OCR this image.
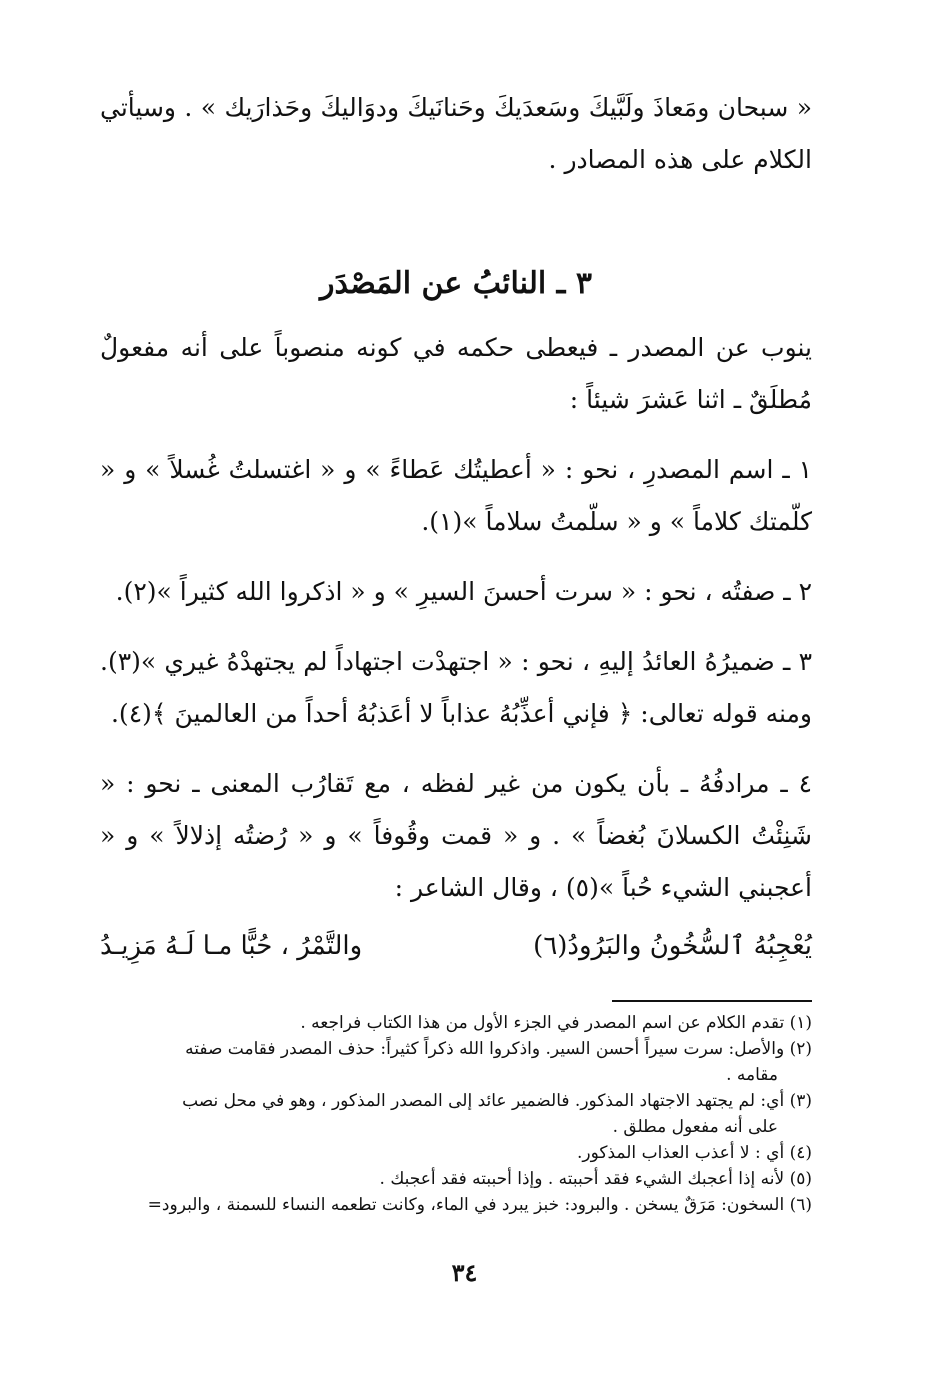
« سبحان ومَعاذَ ولَبَّيكَ وسَعدَيكَ وحَنانَيكَ ودوَاليكَ وحَذارَيك » . وسيأتي الكلام على هذه المصادر .

٣ ـ النائبُ عن المَصْدَر

ينوب عن المصدر ـ فيعطى حكمه في كونه منصوباً على أنه مفعولٌ مُطلَقٌ ـ اثنا عَشرَ شيئاً :

١ ـ اسم المصدرِ ، نحو : « أعطيتُك عَطاءً » و « اغتسلتُ غُسلاً » و « كلّمتك كلاماً » و « سلّمتُ سلاماً »(١).

٢ ـ صفتُه ، نحو : « سرت أحسنَ السيرِ » و « اذكروا الله كثيراً »(٢).

٣ ـ ضميرُهُ العائدُ إليهِ ، نحو : « اجتهدْت اجتهاداً لم يجتهدْهُ غيري »(٣). ومنه قوله تعالى: ﴿ فإني أعذِّبُهُ عذاباً لا أعَذبُهُ أحداً من العالمينَ ﴾(٤).

٤ ـ مرادفُهُ ـ بأن يكون من غير لفظه ، مع تَقارُب المعنى ـ نحو : « شَنِئْتُ الكسلانَ بُغضاً » . و « قمت وقُوفاً » و « رُضتُه إذلالاً » و « أعجبني الشيء حُباً »(٥) ، وقال الشاعر :

يُعْجِبُهُ ٱلسُّخُونُ والبَرُودُ(٦)
والتَّمْرُ ، حُبًّا مـا لَـهُ مَزِيـدُ

(١) تقدم الكلام عن اسم المصدر في الجزء الأول من هذا الكتاب فراجعه .

(٢) والأصل: سرت سيراً أحسن السير. واذكروا الله ذكراً كثيراً: حذف المصدر فقامت صفته
مقامه .

(٣) أي: لم يجتهد الاجتهاد المذكور. فالضمير عائد إلى المصدر المذكور ، وهو في محل نصب
على أنه مفعول مطلق .

(٤) أي : لا أعذب العذاب المذكور.

(٥) لأنه إذا أعجبك الشيء فقد أحببته . وإذا أحببته فقد أعجبك .

(٦) السخون: مَرَقٌ يسخن . والبرود: خبز يبرد في الماء، وكانت تطعمه النساء للسمنة ، والبرود=

٣٤
